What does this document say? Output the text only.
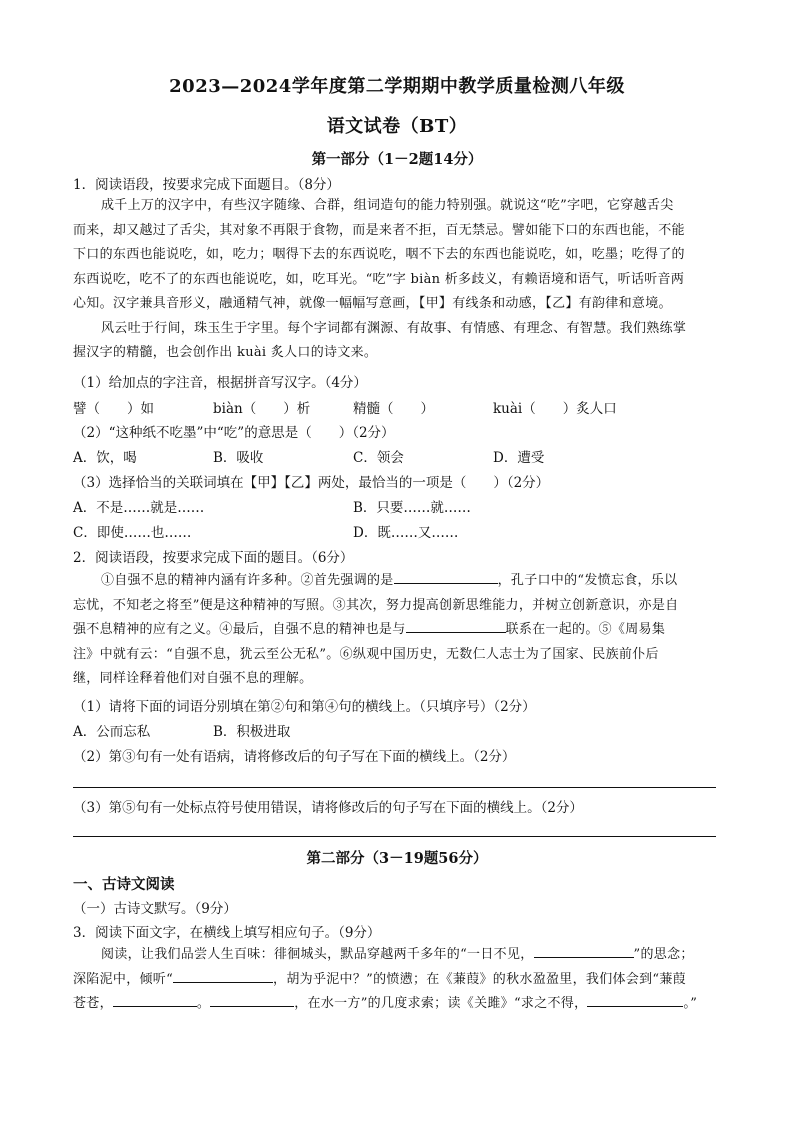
2023—2024学年度第二学期期中教学质量检测八年级
语文试卷（BT）
第一部分（1－2题14分）
1．阅读语段，按要求完成下面题目。（8分）
成千上万的汉字中，有些汉字随缘、合群，组词造句的能力特别强。就说这“吃”字吧，它穿越舌尖
而来，却又越过了舌尖，其对象不再限于食物，而是来者不拒，百无禁忌。譬如能下口的东西也能，不能
下口的东西也能说吃，如，吃力；咽得下去的东西说吃，咽不下去的东西也能说吃，如，吃墨；吃得了的
东西说吃，吃不了的东西也能说吃，如，吃耳光。“吃”字 biàn 析多歧义，有赖语境和语气，听话听音两
心知。汉字兼具音形义，融通精气神，就像一幅幅写意画，【甲】有线条和动感，【乙】有韵律和意境。
风云吐于行间，珠玉生于字里。每个字词都有渊源、有故事、有情感、有理念、有智慧。我们熟练掌
握汉字的精髓，也会创作出 kuài 炙人口的诗文来。
（1）给加点的字注音，根据拼音写汉字。（4分）
譬（　　）如	biàn（　　）析	精髓（　　）	kuài（　　）炙人口
（2）“这种纸不吃墨”中“吃”的意思是（　　）（2分）
A．饮，喝	B．吸收	C．领会	D．遭受
（3）选择恰当的关联词填在【甲】【乙】两处，最恰当的一项是（　　）（2分）
A．不是……就是……	B．只要……就……
C．即使……也……	D．既……又……
2．阅读语段，按要求完成下面的题目。（6分）
①自强不息的精神内涵有许多种。②首先强调的是	，孔子口中的“发愤忘食，乐以
忘忧，不知老之将至”便是这种精神的写照。③其次，努力提高创新思维能力，并树立创新意识，亦是自
强不息精神的应有之义。④最后，自强不息的精神也是与	联系在一起的。⑤《周易集
注》中就有云：“自强不息，犹云至公无私”。⑥纵观中国历史，无数仁人志士为了国家、民族前仆后
继，同样诠释着他们对自强不息的理解。
（1）请将下面的词语分别填在第②句和第④句的横线上。（只填序号）（2分）
A．公而忘私	B．积极进取
（2）第③句有一处有语病，请将修改后的句子写在下面的横线上。（2分）
（3）第⑤句有一处标点符号使用错误，请将修改后的句子写在下面的横线上。（2分）
第二部分（3－19题56分）
一、古诗文阅读
（一）古诗文默写。（9分）
3．阅读下面文字，在横线上填写相应句子。（9分）
阅读，让我们品尝人生百味：徘徊城头，默品穿越两千多年的“一日不见，	”的思念；
深陷泥中，倾听“	，胡为乎泥中？”的愤懑；在《蒹葭》的秋水盈盈里，我们体会到“蒹葭
苍苍，	。	，在水一方”的几度求索；读《关雎》“求之不得，	。”
